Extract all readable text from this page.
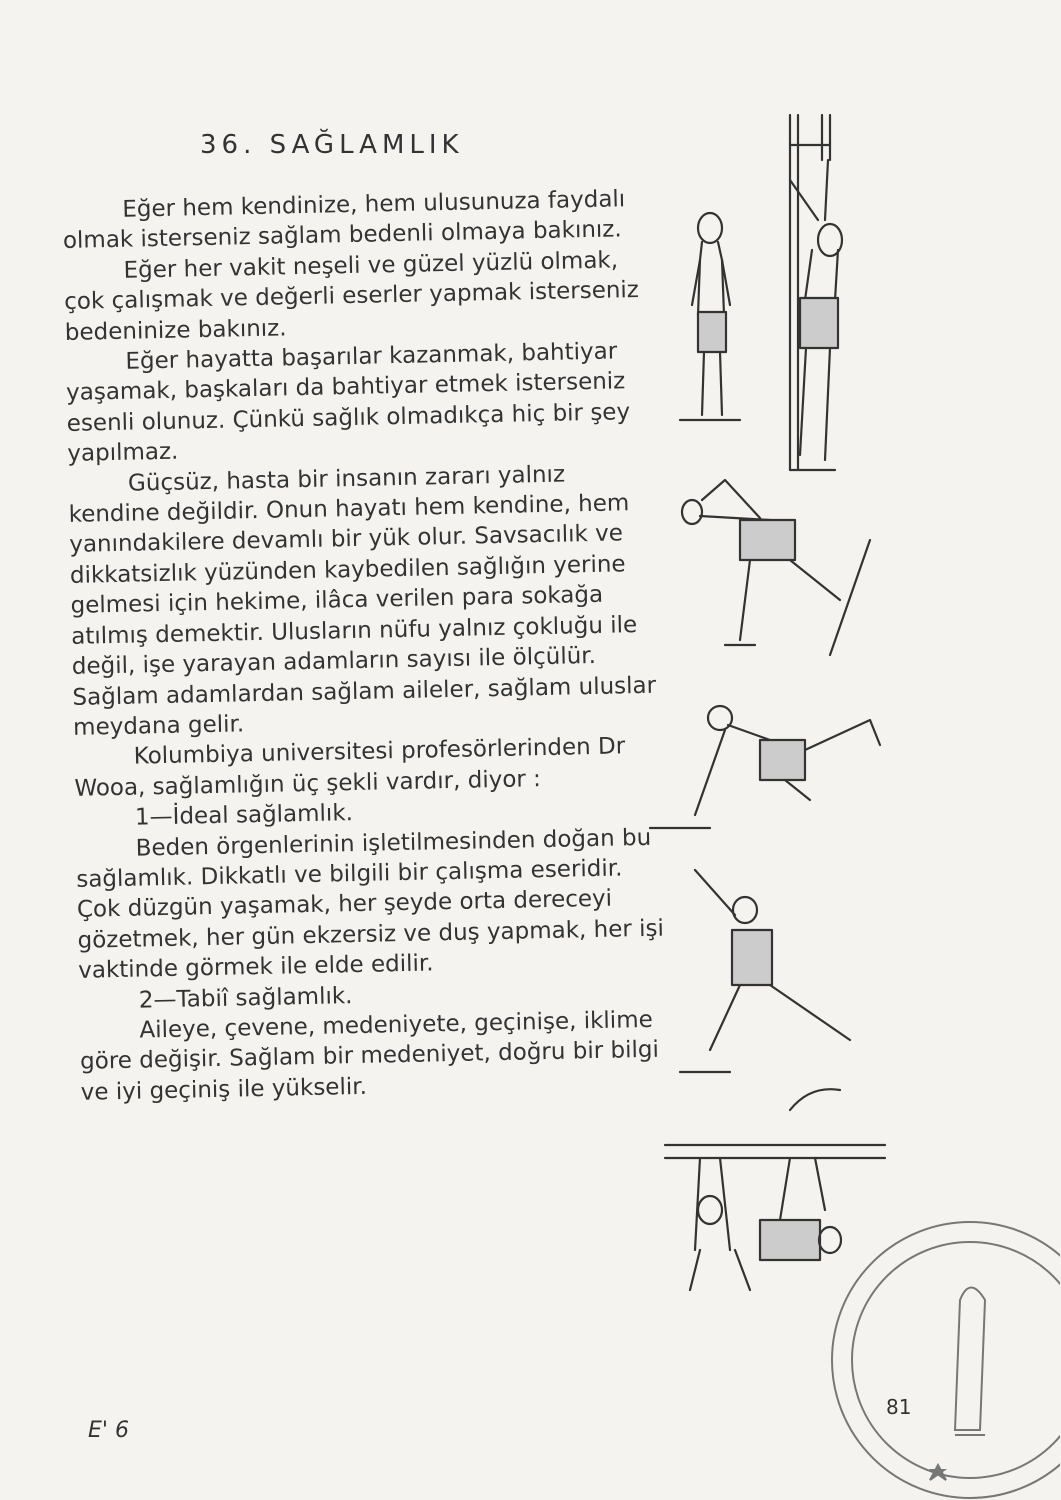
36. SAĞLAMLIK

Eğer hem kendinize, hem ulusunuza faydalı olmak isterseniz sağlam bedenli olmaya bakınız.

Eğer her vakit neşeli ve güzel yüzlü olmak, çok çalışmak ve değerli eserler yapmak isterseniz bedeninize bakınız.

Eğer hayatta başarılar kazanmak, bahtiyar yaşamak, başkaları da bahtiyar etmek isterseniz esenli olunuz. Çünkü sağlık olmadıkça hiç bir şey yapılmaz.

Güçsüz, hasta bir insanın zararı yalnız kendine değildir. Onun hayatı hem kendine, hem yanındakilere devamlı bir yük olur. Savsacılık ve dikkatsizlık yüzünden kaybedilen sağlığın yerine gelmesi için hekime, ilâca verilen para sokağa atılmış demektir. Ulusların nüfu yalnız çokluğu ile değil, işe yarayan adamların sayısı ile ölçülür. Sağlam adamlardan sağlam aileler, sağlam uluslar meydana gelir.

Kolumbiya universitesi profesörlerinden Dr Wooa, sağlamlığın üç şekli vardır, diyor :

1—İdeal sağlamlık.

Beden örgenlerinin işletilmesinden doğan bu sağlamlık. Dikkatlı ve bilgili bir çalışma eseridir. Çok düzgün yaşamak, her şeyde orta dereceyi gözetmek, her gün ekzersiz ve duş yapmak, her işi vaktinde görmek ile elde edilir.

2—Tabiî sağlamlık.

Aileye, çevene, medeniyete, geçinişe, iklime göre değişir. Sağlam bir medeniyet, doğru bir bilgi ve iyi geçiniş ile yükselir.

81
E' 6
